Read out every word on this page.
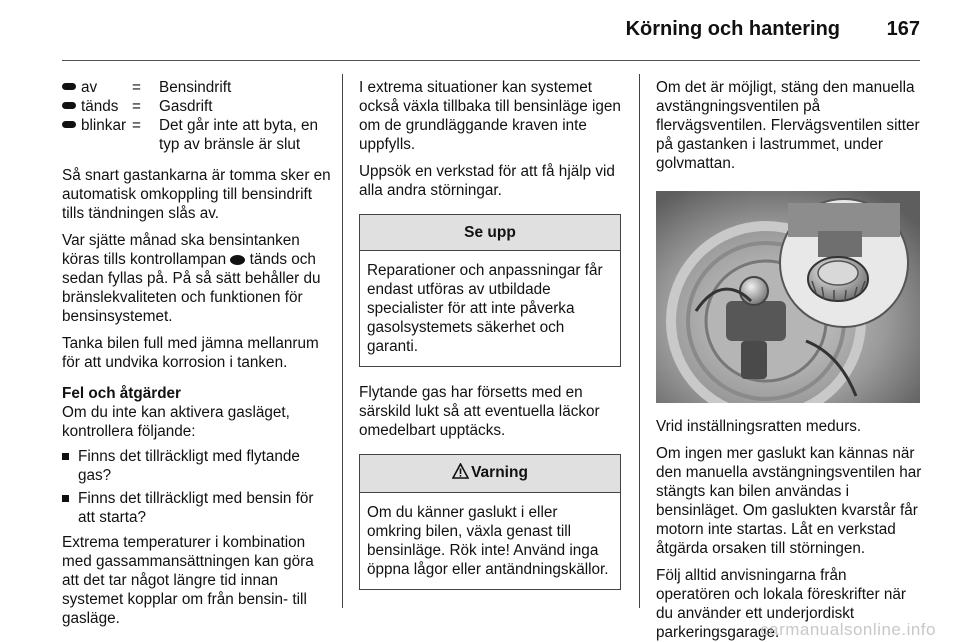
Körning och hantering 167
av	=	Bensindrift
tänds	=	Gasdrift
blinkar	=	Det går inte att byta, en typ av bränsle är slut

Så snart gastankarna är tomma sker en automatisk omkoppling till bensindrift tills tändningen slås av.

Var sjätte månad ska bensintanken köras tills kontrollampan tänds och sedan fyllas på. På så sätt behåller du bränslekvaliteten och funktionen för bensinsystemet.

Tanka bilen full med jämna mellanrum för att undvika korrosion i tanken.

Fel och åtgärder

Om du inte kan aktivera gasläget, kontrollera följande:

Finns det tillräckligt med flytande gas?
Finns det tillräckligt med bensin för att starta?

Extrema temperaturer i kombination med gassammansättningen kan göra att det tar något längre tid innan systemet kopplar om från bensin- till gasläge.

I extrema situationer kan systemet också växla tillbaka till bensinläge igen om de grundläggande kraven inte uppfylls.

Uppsök en verkstad för att få hjälp vid alla andra störningar.

Se upp
Reparationer och anpassningar får endast utföras av utbildade specialister för att inte påverka gasolsystemets säkerhet och garanti.

Flytande gas har försetts med en särskild lukt så att eventuella läckor omedelbart upptäcks.

Varning
Om du känner gaslukt i eller omkring bilen, växla genast till bensinläge. Rök inte! Använd inga öppna lågor eller antändningskällor.

Om det är möjligt, stäng den manuella avstängningsventilen på flervägsventilen. Flervägsventilen sitter på gastanken i lastrummet, under golvmattan.

Vrid inställningsratten medurs.

Om ingen mer gaslukt kan kännas när den manuella avstängningsventilen har stängts kan bilen användas i bensinläget. Om gaslukten kvarstår får motorn inte startas. Låt en verkstad åtgärda orsaken till störningen.

Följ alltid anvisningarna från operatören och lokala föreskrifter när du använder ett underjordiskt parkeringsgarage.

carmanualsonline.info
